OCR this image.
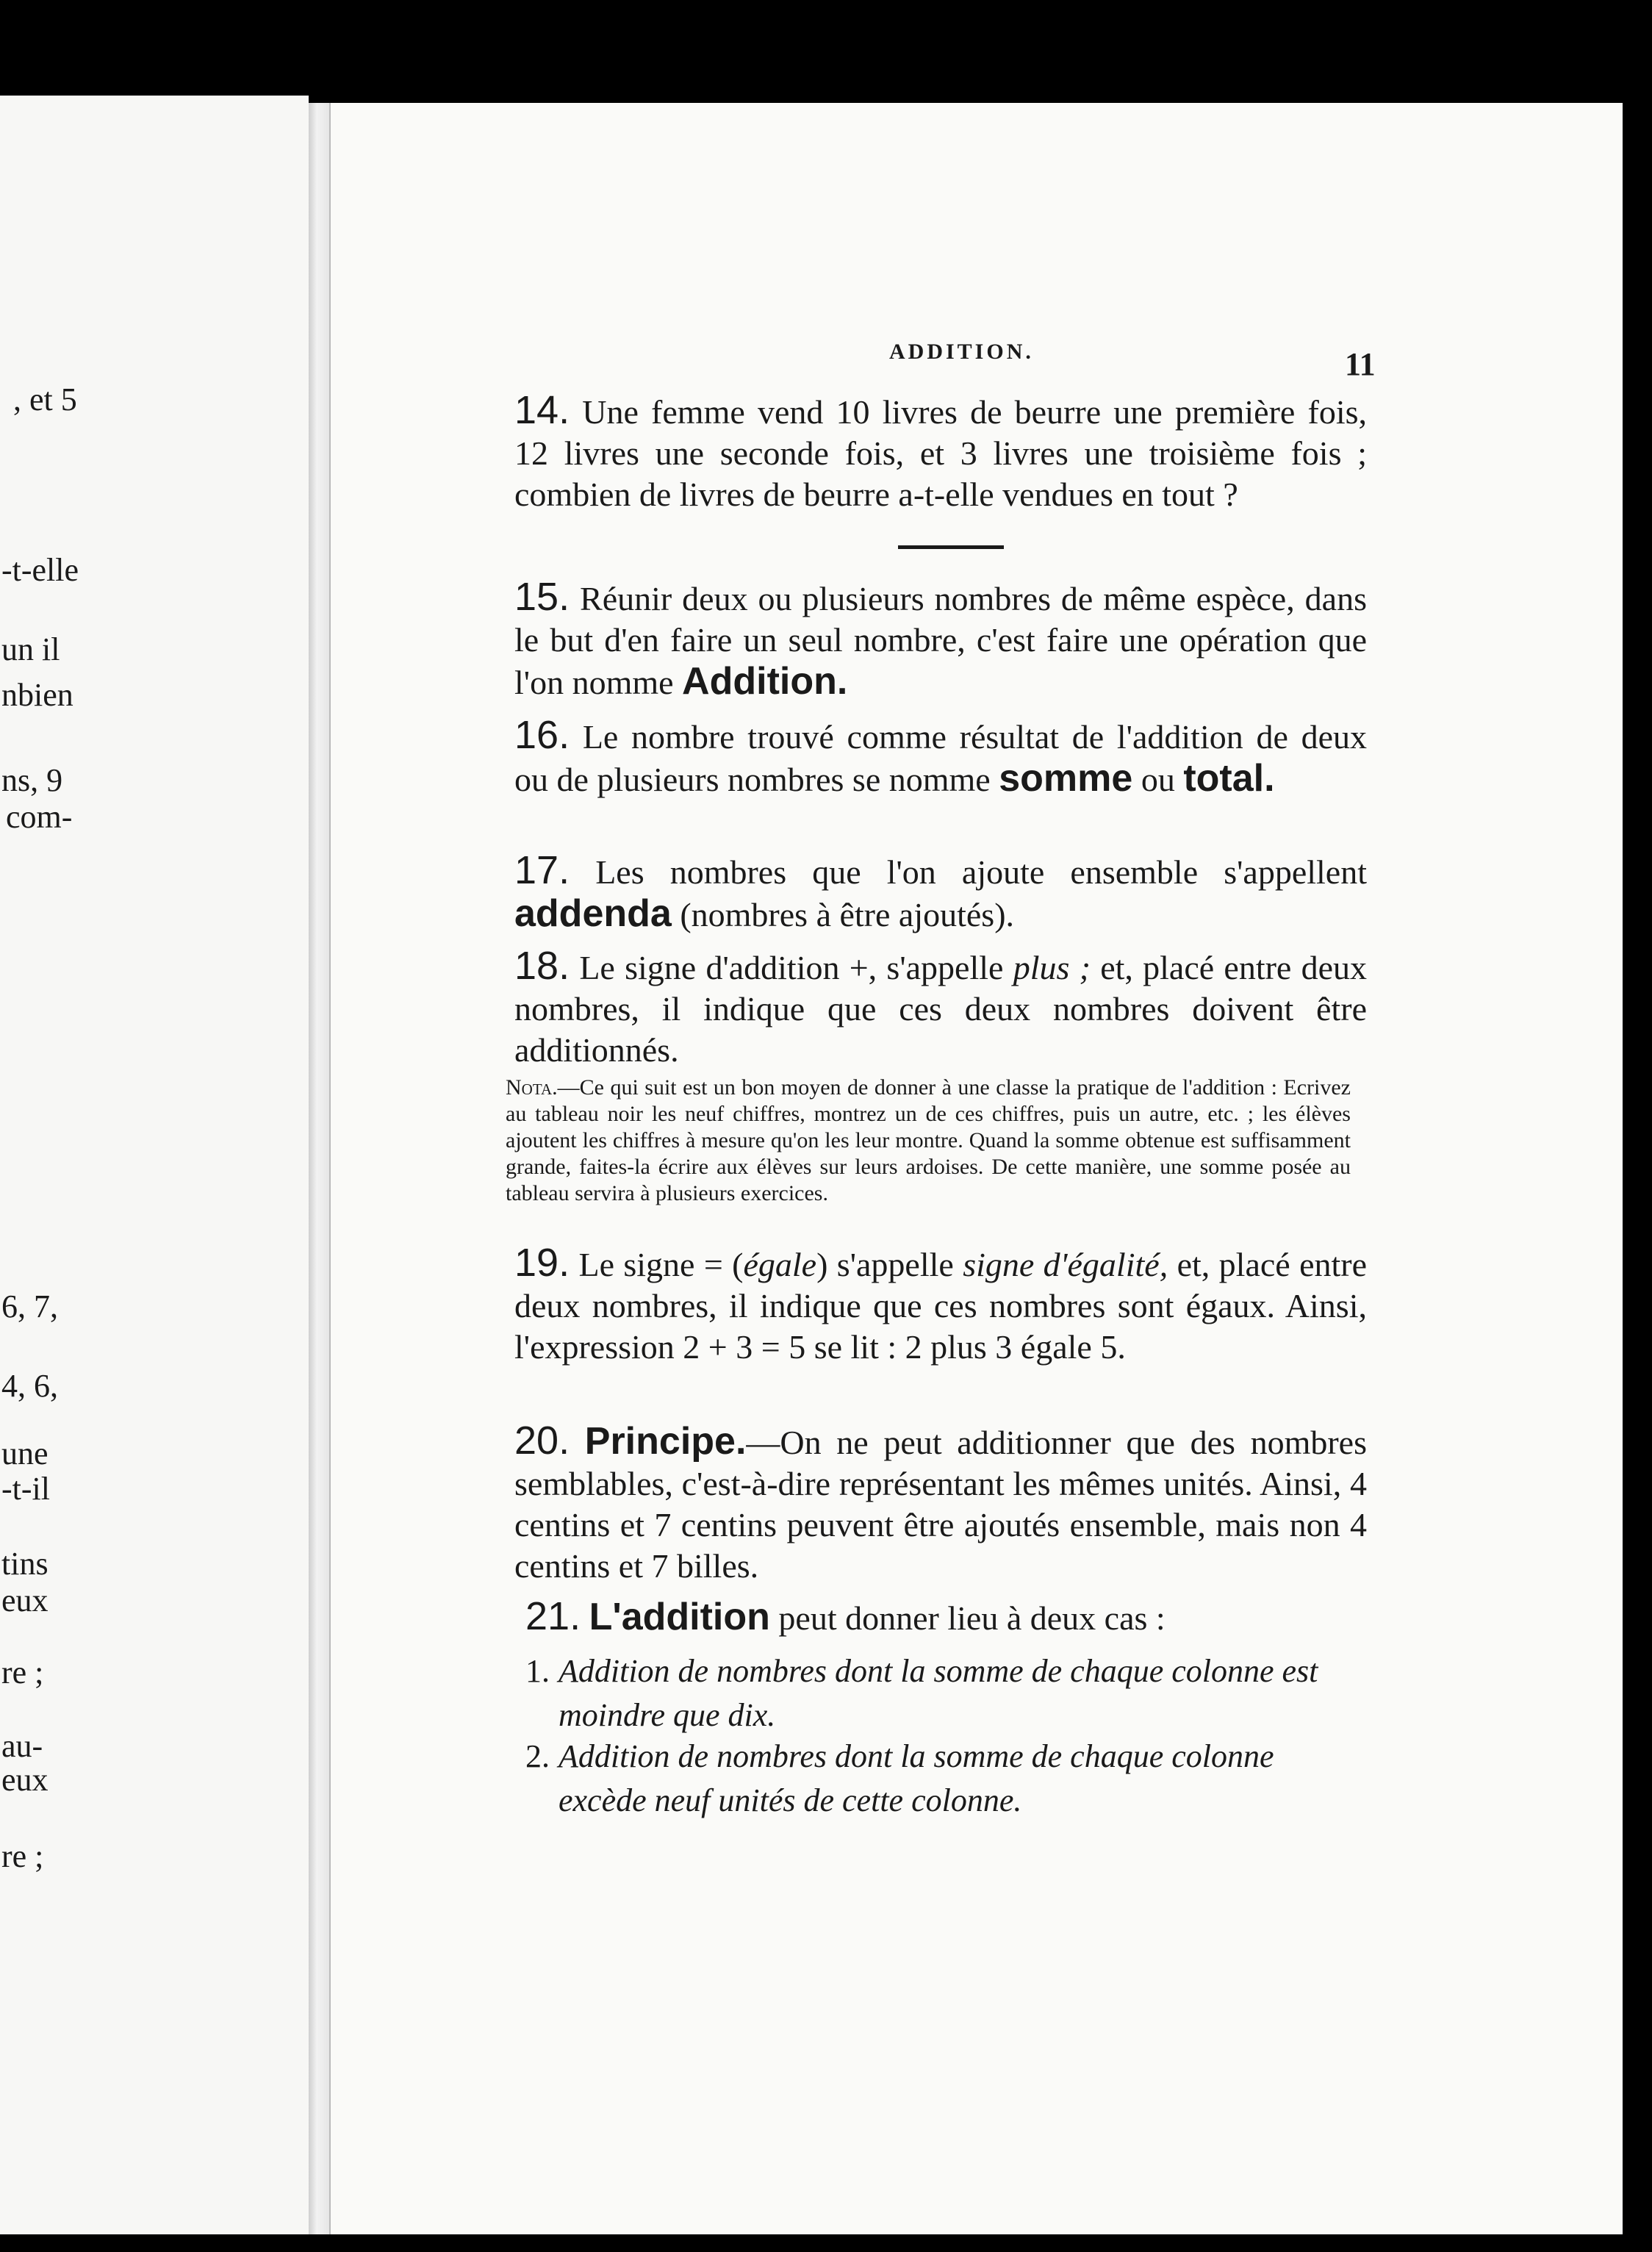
, et 5
-t-elle
un il
nbien
ns, 9
com-
6, 7,
4, 6,
une
-t-il
tins
eux
re ;
au-
eux
re ;
ADDITION.	11
14. Une femme vend 10 livres de beurre une première fois, 12 livres une seconde fois, et 3 livres une troisième fois ; combien de livres de beurre a-t-elle vendues en tout ?
15. Réunir deux ou plusieurs nombres de même espèce, dans le but d'en faire un seul nombre, c'est faire une opération que l'on nomme Addition.
16. Le nombre trouvé comme résultat de l'addition de deux ou de plusieurs nombres se nomme somme ou total.
17. Les nombres que l'on ajoute ensemble s'appellent addenda (nombres à être ajoutés).
18. Le signe d'addition +, s'appelle plus ; et, placé entre deux nombres, il indique que ces deux nombres doivent être additionnés.
Nota.—Ce qui suit est un bon moyen de donner à une classe la pratique de l'addition : Ecrivez au tableau noir les neuf chiffres, montrez un de ces chiffres, puis un autre, etc. ; les élèves ajoutent les chiffres à mesure qu'on les leur montre. Quand la somme obtenue est suffisamment grande, faites-la écrire aux élèves sur leurs ardoises. De cette manière, une somme posée au tableau servira à plusieurs exercices.
19. Le signe = (égale) s'appelle signe d'égalité, et, placé entre deux nombres, il indique que ces nombres sont égaux. Ainsi, l'expression 2 + 3 = 5 se lit : 2 plus 3 égale 5.
20. Principe.—On ne peut additionner que des nombres semblables, c'est-à-dire représentant les mêmes unités. Ainsi, 4 centins et 7 centins peuvent être ajoutés ensemble, mais non 4 centins et 7 billes.
21. L'addition peut donner lieu à deux cas :
1. Addition de nombres dont la somme de chaque colonne est moindre que dix.
2. Addition de nombres dont la somme de chaque colonne excède neuf unités de cette colonne.
